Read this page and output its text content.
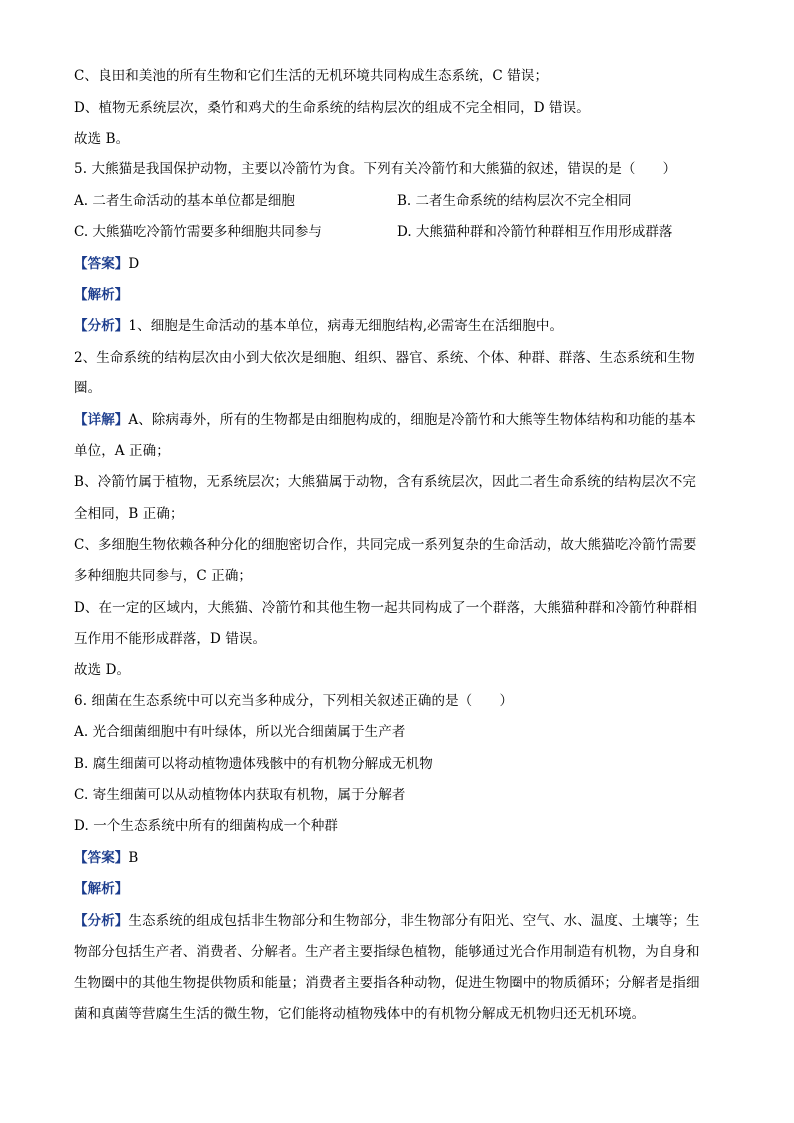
C、良田和美池的所有生物和它们生活的无机环境共同构成生态系统，C 错误；
D、植物无系统层次，桑竹和鸡犬的生命系统的结构层次的组成不完全相同，D 错误。
故选 B。
5. 大熊猫是我国保护动物，主要以冷箭竹为食。下列有关冷箭竹和大熊猫的叙述，错误的是（　　）
A. 二者生命活动的基本单位都是细胞	B. 二者生命系统的结构层次不完全相同
C. 大熊猫吃冷箭竹需要多种细胞共同参与	D. 大熊猫种群和冷箭竹种群相互作用形成群落
【答案】D
【解析】
【分析】1、细胞是生命活动的基本单位，病毒无细胞结构,必需寄生在活细胞中。
2、生命系统的结构层次由小到大依次是细胞、组织、器官、系统、个体、种群、群落、生态系统和生物
圈。
【详解】A、除病毒外，所有的生物都是由细胞构成的，细胞是冷箭竹和大熊等生物体结构和功能的基本
单位，A 正确；
B、冷箭竹属于植物，无系统层次；大熊猫属于动物，含有系统层次，因此二者生命系统的结构层次不完
全相同，B 正确；
C、多细胞生物依赖各种分化的细胞密切合作，共同完成一系列复杂的生命活动，故大熊猫吃冷箭竹需要
多种细胞共同参与，C 正确；
D、在一定的区域内，大熊猫、冷箭竹和其他生物一起共同构成了一个群落，大熊猫种群和冷箭竹种群相
互作用不能形成群落，D 错误。
故选 D。
6. 细菌在生态系统中可以充当多种成分，下列相关叙述正确的是（　　）
A. 光合细菌细胞中有叶绿体，所以光合细菌属于生产者
B. 腐生细菌可以将动植物遗体残骸中的有机物分解成无机物
C. 寄生细菌可以从动植物体内获取有机物，属于分解者
D. 一个生态系统中所有的细菌构成一个种群
【答案】B
【解析】
【分析】生态系统的组成包括非生物部分和生物部分，非生物部分有阳光、空气、水、温度、土壤等；生
物部分包括生产者、消费者、分解者。生产者主要指绿色植物，能够通过光合作用制造有机物，为自身和
生物圈中的其他生物提供物质和能量；消费者主要指各种动物，促进生物圈中的物质循环；分解者是指细
菌和真菌等营腐生生活的微生物，它们能将动植物残体中的有机物分解成无机物归还无机环境。
